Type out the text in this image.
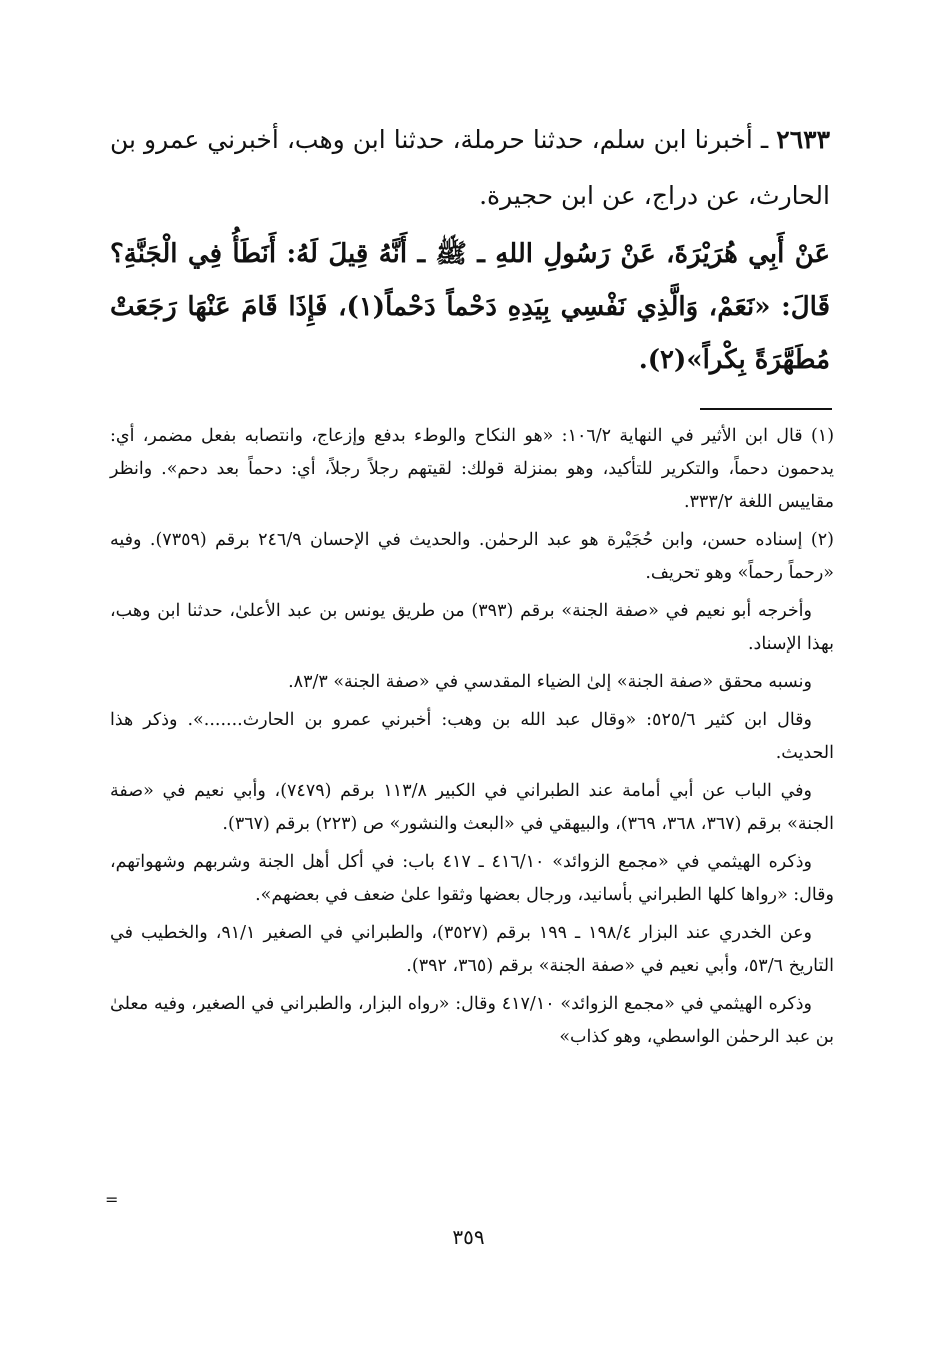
٢٦٣٣ ـ أخبرنا ابن سلم، حدثنا حرملة، حدثنا ابن وهب، أخبرني عمرو بن الحارث، عن دراج، عن ابن حجيرة.

عَنْ أَبِي هُرَيْرَةَ، عَنْ رَسُولِ اللهِ ـ ﷺ ـ أَنَّهُ قِيلَ لَهُ: أَنَطَأُ فِي الْجَنَّةِ؟ قَالَ: «نَعَمْ، وَالَّذِي نَفْسِي بِيَدِهِ دَحْماً دَحْماً(١)، فَإِذَا قَامَ عَنْهَا رَجَعَتْ مُطَهَّرَةً بِكْراً»(٢).

(١) قال ابن الأثير في النهاية ١٠٦/٢: «هو النكاح والوطء بدفع وإزعاج، وانتصابه بفعل مضمر، أي: يدحمون دحماً، والتكرير للتأكيد، وهو بمنزلة قولك: لقيتهم رجلاً رجلاً، أي: دحماً بعد دحم». وانظر مقاييس اللغة ٣٣٣/٢.

(٢) إسناده حسن، وابن حُجَيْرة هو عبد الرحمٰن. والحديث في الإحسان ٢٤٦/٩ برقم (٧٣٥٩). وفيه «رحماً رحماً» وهو تحريف.

وأخرجه أبو نعيم في «صفة الجنة» برقم (٣٩٣) من طريق يونس بن عبد الأعلىٰ، حدثنا ابن وهب، بهذا الإسناد.

ونسبه محقق «صفة الجنة» إلىٰ الضياء المقدسي في «صفة الجنة» ٨٣/٣.

وقال ابن كثير ٥٢٥/٦: «وقال عبد الله بن وهب: أخبرني عمرو بن الحارث.......». وذكر هذا الحديث.

وفي الباب عن أبي أمامة عند الطبراني في الكبير ١١٣/٨ برقم (٧٤٧٩)، وأبي نعيم في «صفة الجنة» برقم (٣٦٧، ٣٦٨، ٣٦٩)، والبيهقي في «البعث والنشور» ص (٢٢٣) برقم (٣٦٧).

وذكره الهيثمي في «مجمع الزوائد» ٤١٦/١٠ ـ ٤١٧ باب: في أكل أهل الجنة وشربهم وشهواتهم، وقال: «رواها كلها الطبراني بأسانيد، ورجال بعضها وثقوا علىٰ ضعف في بعضهم».

وعن الخدري عند البزار ١٩٨/٤ ـ ١٩٩ برقم (٣٥٢٧)، والطبراني في الصغير ٩١/١، والخطيب في التاريخ ٥٣/٦، وأبي نعيم في «صفة الجنة» برقم (٣٦٥، ٣٩٢).

وذكره الهيثمي في «مجمع الزوائد» ٤١٧/١٠ وقال: «رواه البزار، والطبراني في الصغير، وفيه معلىٰ بن عبد الرحمٰن الواسطي، وهو كذاب»

=
٣٥٩
